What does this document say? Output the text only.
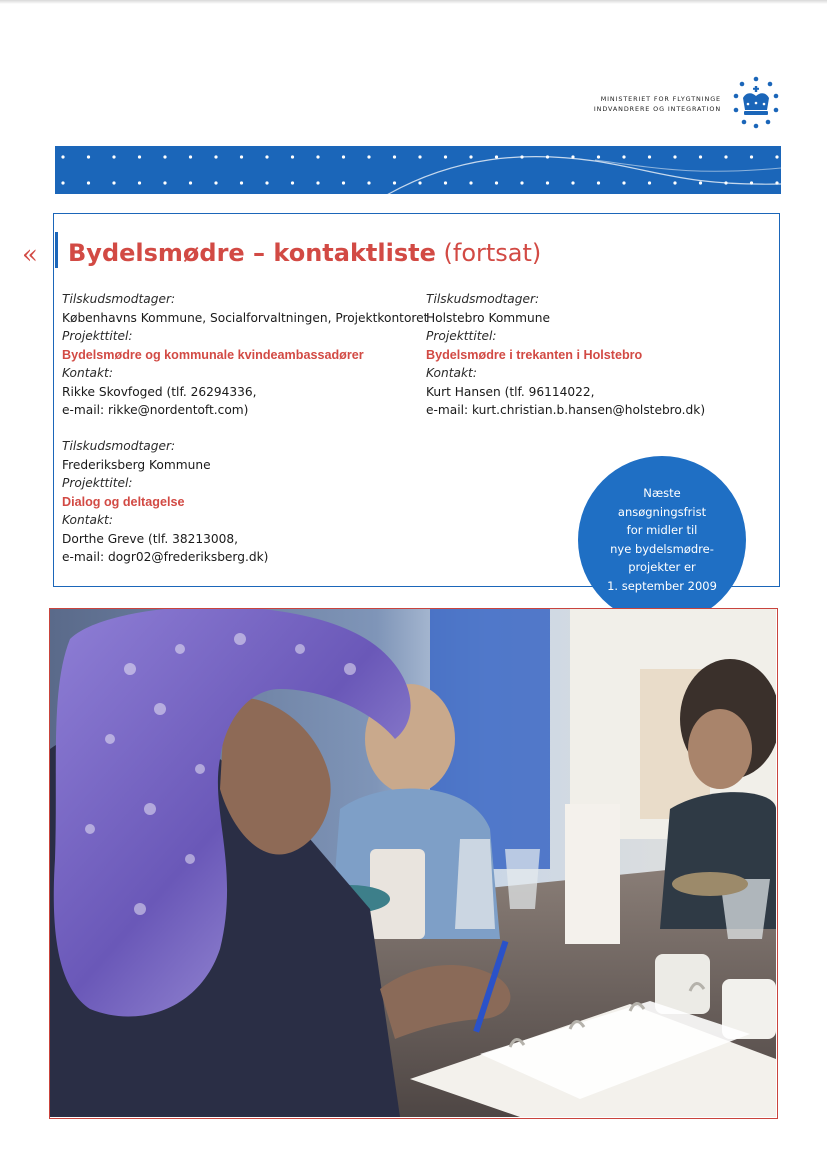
MINISTERIET FOR FLYGTNINGE
INDVANDRERE OG INTEGRATION
« Bydelsmødre – kontaktliste (fortsat)
Tilskudsmodtager:
Københavns Kommune, Socialforvaltningen, Projektkontoret
Projekttitel:
Bydelsmødre og kommunale kvindeambassadører
Kontakt:
Rikke Skovfoged (tlf. 26294336,
e-mail: rikke@nordentoft.com)
Tilskudsmodtager:
Holstebro Kommune
Projekttitel:
Bydelsmødre i trekanten i Holstebro
Kontakt:
Kurt Hansen (tlf. 96114022,
e-mail: kurt.christian.b.hansen@holstebro.dk)
Tilskudsmodtager:
Frederiksberg Kommune
Projekttitel:
Dialog og deltagelse
Kontakt:
Dorthe Greve (tlf. 38213008,
e-mail: dogr02@frederiksberg.dk)
Næste
ansøgningsfrist
for midler til
nye bydelsmødre-
projekter er
1. september 2009
